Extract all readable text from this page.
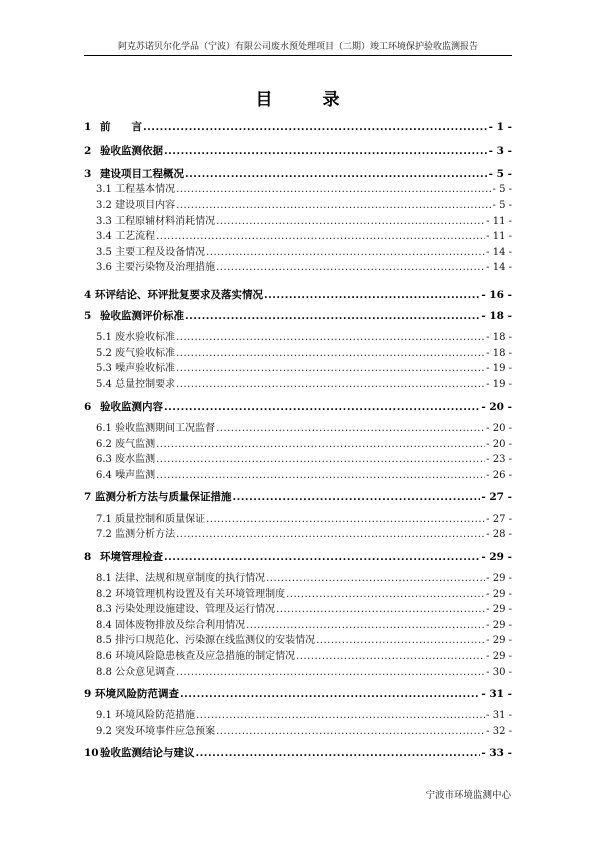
阿克苏诺贝尔化学品（宁波）有限公司废水预处理项目（二期）竣工环境保护验收监测报告
目 录
1 前　　言 .....	- 1 -
2 验收监测依据 .....	- 3 -
3 建设项目工程概况 .....	- 5 -
3.1 工程基本情况 .....	- 5 -
3.2 建设项目内容 .....	- 5 -
3.3 工程原辅材料消耗情况 .....	- 11 -
3.4 工艺流程 .....	- 11 -
3.5 主要工程及设备情况 .....	- 14 -
3.6 主要污染物及治理措施 .....	- 14 -
4 环评结论、环评批复要求及落实情况 .....	- 16 -
5 验收监测评价标准 .....	- 18 -
5.1 废水验收标准 .....	- 18 -
5.2 废气验收标准 .....	- 18 -
5.3 噪声验收标准 .....	- 19 -
5.4 总量控制要求 .....	- 19 -
6 验收监测内容 .....	- 20 -
6.1 验收监测期间工况监督 .....	- 20 -
6.2 废气监测 .....	- 20 -
6.3 废水监测 .....	- 23 -
6.4 噪声监测 .....	- 26 -
7 监测分析方法与质量保证措施 .....	- 27 -
7.1 质量控制和质量保证 .....	- 27 -
7.2 监测分析方法 .....	- 28 -
8 环境管理检查 .....	- 29 -
8.1 法律、法规和规章制度的执行情况 .....	- 29 -
8.2 环境管理机构设置及有关环境管理制度 .....	- 29 -
8.3 污染处理设施建设、管理及运行情况 .....	- 29 -
8.4 固体废物排放及综合利用情况 .....	- 29 -
8.5 排污口规范化、污染源在线监测仪的安装情况 .....	- 29 -
8.6 环境风险隐患核查及应急措施的制定情况 .....	- 29 -
8.8 公众意见调查 .....	- 30 -
9 环境风险防范调查 .....	- 31 -
9.1 环境风险防范措施 .....	- 31 -
9.2 突发环境事件应急预案 .....	- 32 -
10 验收监测结论与建议 .....	- 33 -
宁波市环境监测中心
